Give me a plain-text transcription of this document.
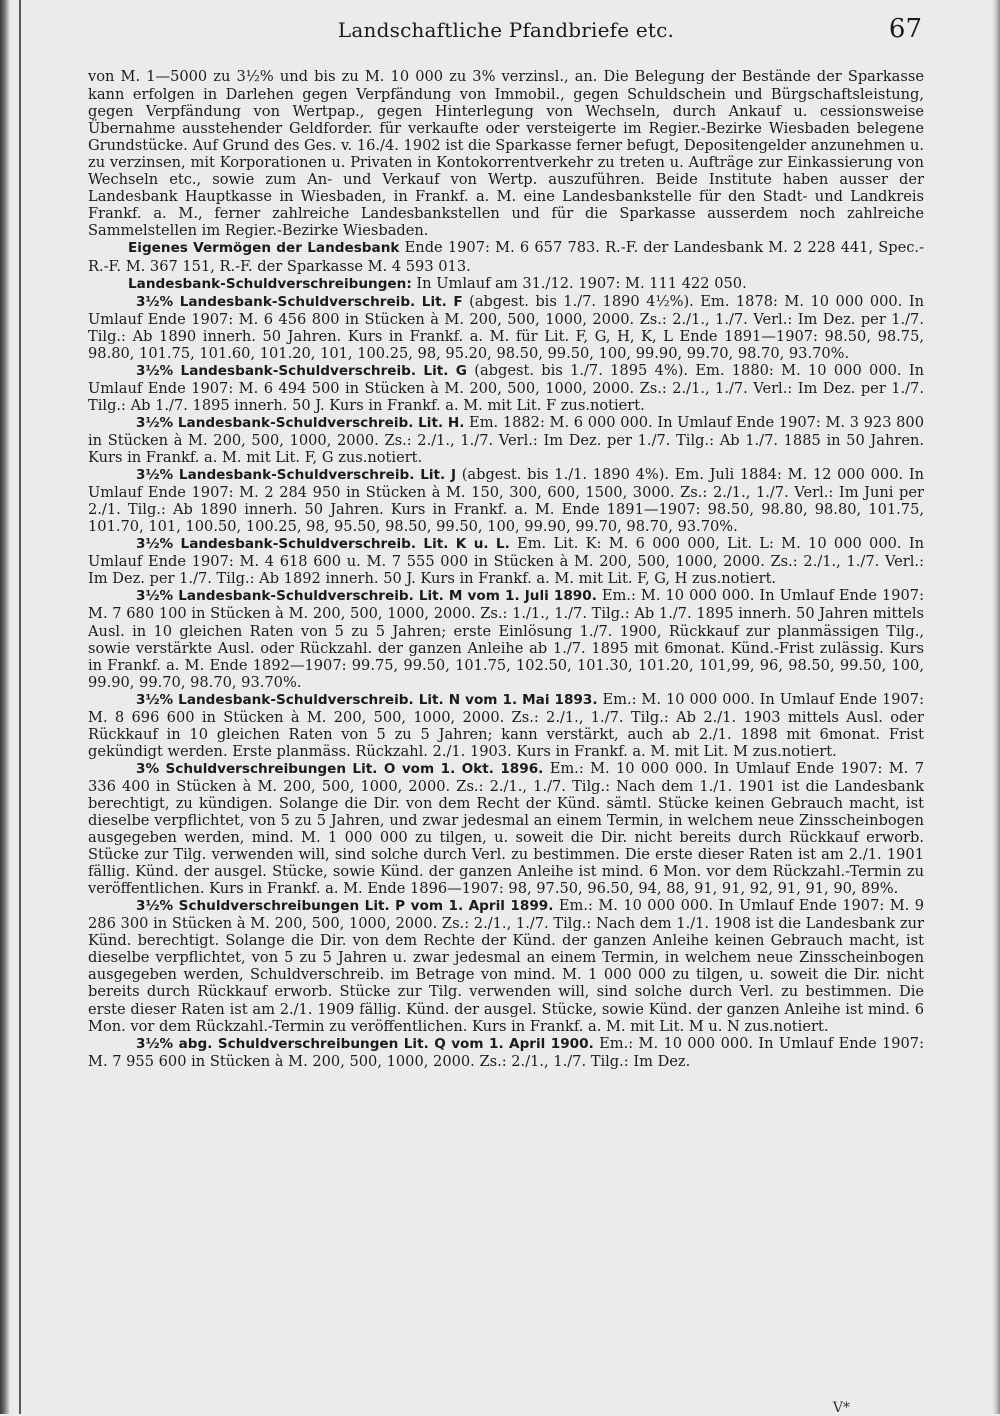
Landschaftliche Pfandbriefe etc.	67

von M. 1—5000 zu 3½% und bis zu M. 10 000 zu 3% verzinsl., an. Die Belegung der Bestände der Sparkasse kann erfolgen in Darlehen gegen Verpfändung von Immobil., gegen Schuldschein und Bürgschaftsleistung, gegen Verpfändung von Wertpap., gegen Hinterlegung von Wechseln, durch Ankauf u. cessionsweise Übernahme ausstehender Geldforder. für verkaufte oder versteigerte im Regier.-Bezirke Wiesbaden belegene Grundstücke. Auf Grund des Ges. v. 16./4. 1902 ist die Sparkasse ferner befugt, Depositengelder anzunehmen u. zu verzinsen, mit Korporationen u. Privaten in Kontokorrentverkehr zu treten u. Aufträge zur Einkassierung von Wechseln etc., sowie zum An- und Verkauf von Wertp. auszuführen. Beide Institute haben ausser der Landesbank Hauptkasse in Wiesbaden, in Frankf. a. M. eine Landesbankstelle für den Stadt- und Landkreis Frankf. a. M., ferner zahlreiche Landesbankstellen und für die Sparkasse ausserdem noch zahlreiche Sammelstellen im Regier.-Bezirke Wiesbaden.

Eigenes Vermögen der Landesbank Ende 1907: M. 6 657 783. R.-F. der Landesbank M. 2 228 441, Spec.-R.-F. M. 367 151, R.-F. der Sparkasse M. 4 593 013.

Landesbank-Schuldverschreibungen: In Umlauf am 31./12. 1907: M. 111 422 050.

3½% Landesbank-Schuldverschreib. Lit. F (abgest. bis 1./7. 1890 4½%). Em. 1878: M. 10 000 000. In Umlauf Ende 1907: M. 6 456 800 in Stücken à M. 200, 500, 1000, 2000. Zs.: 2./1., 1./7. Verl.: Im Dez. per 1./7. Tilg.: Ab 1890 innerh. 50 Jahren. Kurs in Frankf. a. M. für Lit. F, G, H, K, L Ende 1891—1907: 98.50, 98.75, 98.80, 101.75, 101.60, 101.20, 101, 100.25, 98, 95.20, 98.50, 99.50, 100, 99.90, 99.70, 98.70, 93.70%.

3½% Landesbank-Schuldverschreib. Lit. G (abgest. bis 1./7. 1895 4%). Em. 1880: M. 10 000 000. In Umlauf Ende 1907: M. 6 494 500 in Stücken à M. 200, 500, 1000, 2000. Zs.: 2./1., 1./7. Verl.: Im Dez. per 1./7. Tilg.: Ab 1./7. 1895 innerh. 50 J. Kurs in Frankf. a. M. mit Lit. F zus.notiert.

3½% Landesbank-Schuldverschreib. Lit. H. Em. 1882: M. 6 000 000. In Umlauf Ende 1907: M. 3 923 800 in Stücken à M. 200, 500, 1000, 2000. Zs.: 2./1., 1./7. Verl.: Im Dez. per 1./7. Tilg.: Ab 1./7. 1885 in 50 Jahren. Kurs in Frankf. a. M. mit Lit. F, G zus.notiert.

3½% Landesbank-Schuldverschreib. Lit. J (abgest. bis 1./1. 1890 4%). Em. Juli 1884: M. 12 000 000. In Umlauf Ende 1907: M. 2 284 950 in Stücken à M. 150, 300, 600, 1500, 3000. Zs.: 2./1., 1./7. Verl.: Im Juni per 2./1. Tilg.: Ab 1890 innerh. 50 Jahren. Kurs in Frankf. a. M. Ende 1891—1907: 98.50, 98.80, 98.80, 101.75, 101.70, 101, 100.50, 100.25, 98, 95.50, 98.50, 99.50, 100, 99.90, 99.70, 98.70, 93.70%.

3½% Landesbank-Schuldverschreib. Lit. K u. L. Em. Lit. K: M. 6 000 000, Lit. L: M. 10 000 000. In Umlauf Ende 1907: M. 4 618 600 u. M. 7 555 000 in Stücken à M. 200, 500, 1000, 2000. Zs.: 2./1., 1./7. Verl.: Im Dez. per 1./7. Tilg.: Ab 1892 innerh. 50 J. Kurs in Frankf. a. M. mit Lit. F, G, H zus.notiert.

3½% Landesbank-Schuldverschreib. Lit. M vom 1. Juli 1890. Em.: M. 10 000 000. In Umlauf Ende 1907: M. 7 680 100 in Stücken à M. 200, 500, 1000, 2000. Zs.: 1./1., 1./7. Tilg.: Ab 1./7. 1895 innerh. 50 Jahren mittels Ausl. in 10 gleichen Raten von 5 zu 5 Jahren; erste Einlösung 1./7. 1900, Rückkauf zur planmässigen Tilg., sowie verstärkte Ausl. oder Rückzahl. der ganzen Anleihe ab 1./7. 1895 mit 6monat. Künd.-Frist zulässig. Kurs in Frankf. a. M. Ende 1892—1907: 99.75, 99.50, 101.75, 102.50, 101.30, 101.20, 101,99, 96, 98.50, 99.50, 100, 99.90, 99.70, 98.70, 93.70%.

3½% Landesbank-Schuldverschreib. Lit. N vom 1. Mai 1893. Em.: M. 10 000 000. In Umlauf Ende 1907: M. 8 696 600 in Stücken à M. 200, 500, 1000, 2000. Zs.: 2./1., 1./7. Tilg.: Ab 2./1. 1903 mittels Ausl. oder Rückkauf in 10 gleichen Raten von 5 zu 5 Jahren; kann verstärkt, auch ab 2./1. 1898 mit 6monat. Frist gekündigt werden. Erste planmäss. Rückzahl. 2./1. 1903. Kurs in Frankf. a. M. mit Lit. M zus.notiert.

3% Schuldverschreibungen Lit. O vom 1. Okt. 1896. Em.: M. 10 000 000. In Umlauf Ende 1907: M. 7 336 400 in Stücken à M. 200, 500, 1000, 2000. Zs.: 2./1., 1./7. Tilg.: Nach dem 1./1. 1901 ist die Landesbank berechtigt, zu kündigen. Solange die Dir. von dem Recht der Künd. sämtl. Stücke keinen Gebrauch macht, ist dieselbe verpflichtet, von 5 zu 5 Jahren, und zwar jedesmal an einem Termin, in welchem neue Zinsscheinbogen ausgegeben werden, mind. M. 1 000 000 zu tilgen, u. soweit die Dir. nicht bereits durch Rückkauf erworb. Stücke zur Tilg. verwenden will, sind solche durch Verl. zu bestimmen. Die erste dieser Raten ist am 2./1. 1901 fällig. Künd. der ausgel. Stücke, sowie Künd. der ganzen Anleihe ist mind. 6 Mon. vor dem Rückzahl.-Termin zu veröffentlichen. Kurs in Frankf. a. M. Ende 1896—1907: 98, 97.50, 96.50, 94, 88, 91, 91, 92, 91, 91, 90, 89%.

3½% Schuldverschreibungen Lit. P vom 1. April 1899. Em.: M. 10 000 000. In Umlauf Ende 1907: M. 9 286 300 in Stücken à M. 200, 500, 1000, 2000. Zs.: 2./1., 1./7. Tilg.: Nach dem 1./1. 1908 ist die Landesbank zur Künd. berechtigt. Solange die Dir. von dem Rechte der Künd. der ganzen Anleihe keinen Gebrauch macht, ist dieselbe verpflichtet, von 5 zu 5 Jahren u. zwar jedesmal an einem Termin, in welchem neue Zinsscheinbogen ausgegeben werden, Schuldverschreib. im Betrage von mind. M. 1 000 000 zu tilgen, u. soweit die Dir. nicht bereits durch Rückkauf erworb. Stücke zur Tilg. verwenden will, sind solche durch Verl. zu bestimmen. Die erste dieser Raten ist am 2./1. 1909 fällig. Künd. der ausgel. Stücke, sowie Künd. der ganzen Anleihe ist mind. 6 Mon. vor dem Rückzahl.-Termin zu veröffentlichen. Kurs in Frankf. a. M. mit Lit. M u. N zus.notiert.

3½% abg. Schuldverschreibungen Lit. Q vom 1. April 1900. Em.: M. 10 000 000. In Umlauf Ende 1907: M. 7 955 600 in Stücken à M. 200, 500, 1000, 2000. Zs.: 2./1., 1./7. Tilg.: Im Dez.

V*
